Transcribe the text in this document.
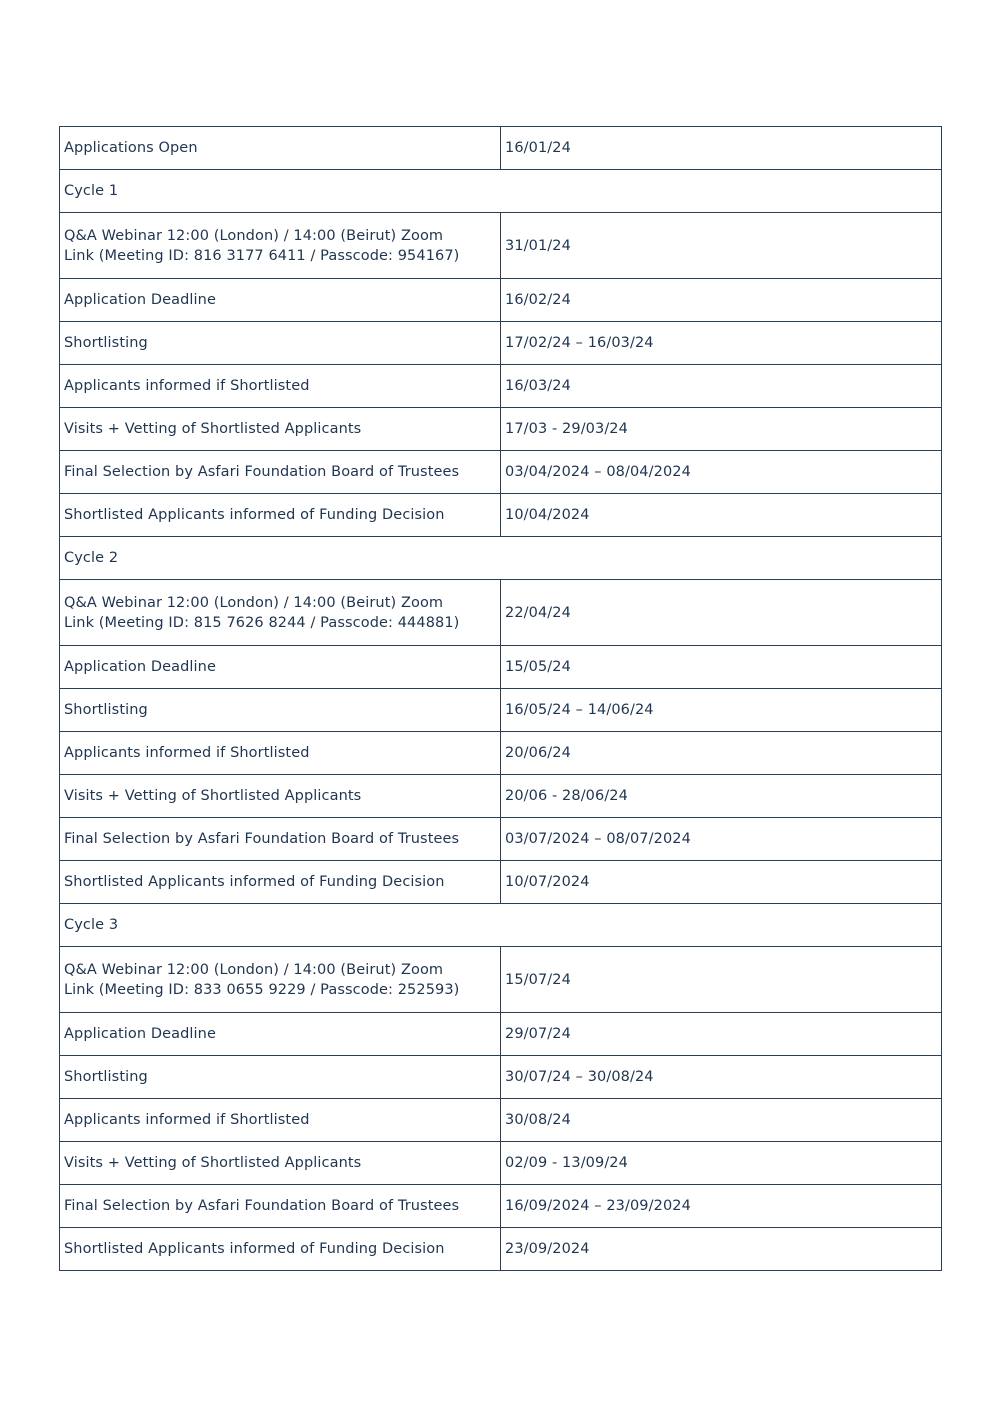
Applications Open	16/01/24
Cycle 1	
Q&A Webinar 12:00 (London) / 14:00 (Beirut) Zoom
Link (Meeting ID: 816 3177 6411 / Passcode: 954167)	31/01/24
Application Deadline	16/02/24
Shortlisting	17/02/24 – 16/03/24
Applicants informed if Shortlisted	16/03/24
Visits + Vetting of Shortlisted Applicants	17/03 - 29/03/24
Final Selection by Asfari Foundation Board of Trustees	03/04/2024 – 08/04/2024
Shortlisted Applicants informed of Funding Decision	10/04/2024
Cycle 2	
Q&A Webinar 12:00 (London) / 14:00 (Beirut) Zoom
Link (Meeting ID: 815 7626 8244 / Passcode: 444881)	22/04/24
Application Deadline	15/05/24
Shortlisting	16/05/24 – 14/06/24
Applicants informed if Shortlisted	20/06/24
Visits + Vetting of Shortlisted Applicants	20/06 - 28/06/24
Final Selection by Asfari Foundation Board of Trustees	03/07/2024 – 08/07/2024
Shortlisted Applicants informed of Funding Decision	10/07/2024
Cycle 3	
Q&A Webinar 12:00 (London) / 14:00 (Beirut) Zoom
Link (Meeting ID: 833 0655 9229 / Passcode: 252593)	15/07/24
Application Deadline	29/07/24
Shortlisting	30/07/24 – 30/08/24
Applicants informed if Shortlisted	30/08/24
Visits + Vetting of Shortlisted Applicants	02/09 - 13/09/24
Final Selection by Asfari Foundation Board of Trustees	16/09/2024 – 23/09/2024
Shortlisted Applicants informed of Funding Decision	23/09/2024
